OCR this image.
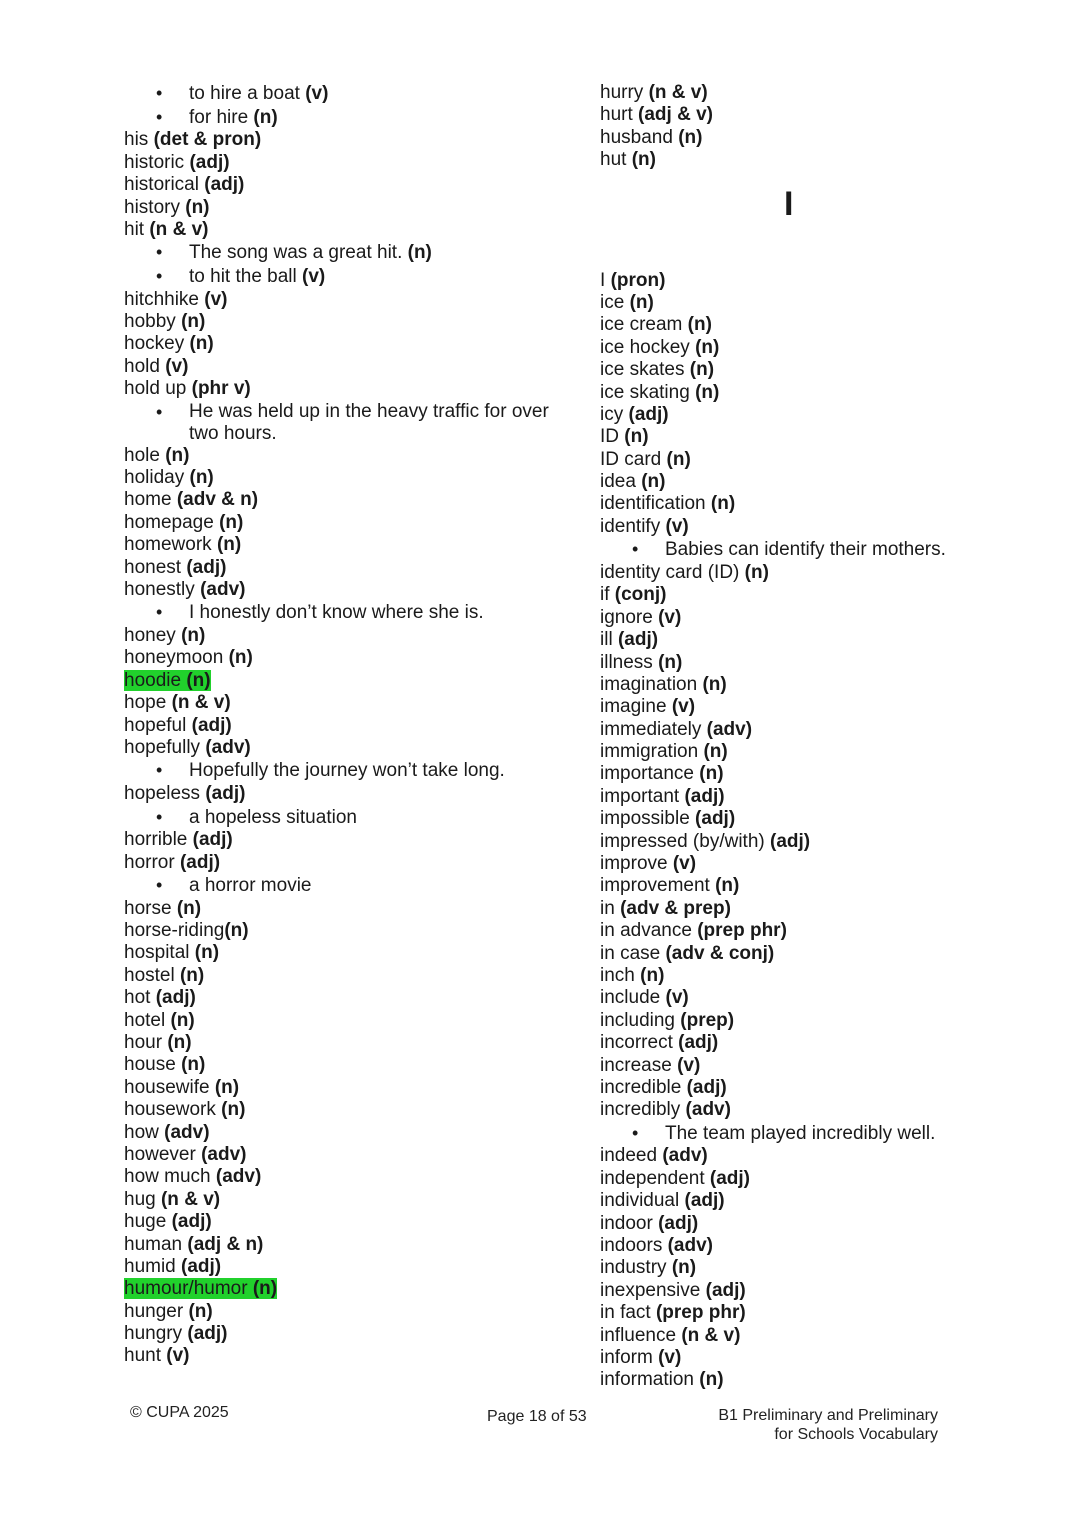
• to hire a boat (v)
• for hire (n)
his (det & pron)
historic (adj)
historical (adj)
history (n)
hit (n & v)
• The song was a great hit. (n)
• to hit the ball (v)
hitchhike (v)
hobby (n)
hockey (n)
hold (v)
hold up (phr v)
• He was held up in the heavy traffic for over two hours.
hole (n)
holiday (n)
home (adv & n)
homepage (n)
homework (n)
honest (adj)
honestly (adv)
• I honestly don’t know where she is.
honey (n)
honeymoon (n)
hoodie (n)
hope (n & v)
hopeful (adj)
hopefully (adv)
• Hopefully the journey won’t take long.
hopeless (adj)
• a hopeless situation
horrible (adj)
horror (adj)
• a horror movie
horse (n)
horse-riding(n)
hospital (n)
hostel (n)
hot (adj)
hotel (n)
hour (n)
house (n)
housewife (n)
housework (n)
how (adv)
however (adv)
how much (adv)
hug (n & v)
huge (adj)
human (adj & n)
humid (adj)
humour/humor (n)
hunger (n)
hungry (adj)
hunt (v)
hurry (n & v)
hurt (adj & v)
husband (n)
hut (n)
I
I (pron)
ice (n)
ice cream (n)
ice hockey (n)
ice skates (n)
ice skating (n)
icy (adj)
ID (n)
ID card (n)
idea (n)
identification (n)
identify (v)
• Babies can identify their mothers.
identity card (ID) (n)
if (conj)
ignore (v)
ill (adj)
illness (n)
imagination (n)
imagine (v)
immediately (adv)
immigration (n)
importance (n)
important (adj)
impossible (adj)
impressed (by/with) (adj)
improve (v)
improvement (n)
in (adv & prep)
in advance (prep phr)
in case (adv & conj)
inch (n)
include (v)
including (prep)
incorrect (adj)
increase (v)
incredible (adj)
incredibly (adv)
• The team played incredibly well.
indeed (adv)
independent (adj)
individual (adj)
indoor (adj)
indoors (adv)
industry (n)
inexpensive (adj)
in fact (prep phr)
influence (n & v)
inform (v)
information (n)
© CUPA 2025	Page 18 of 53	B1 Preliminary and Preliminary
for Schools Vocabulary
